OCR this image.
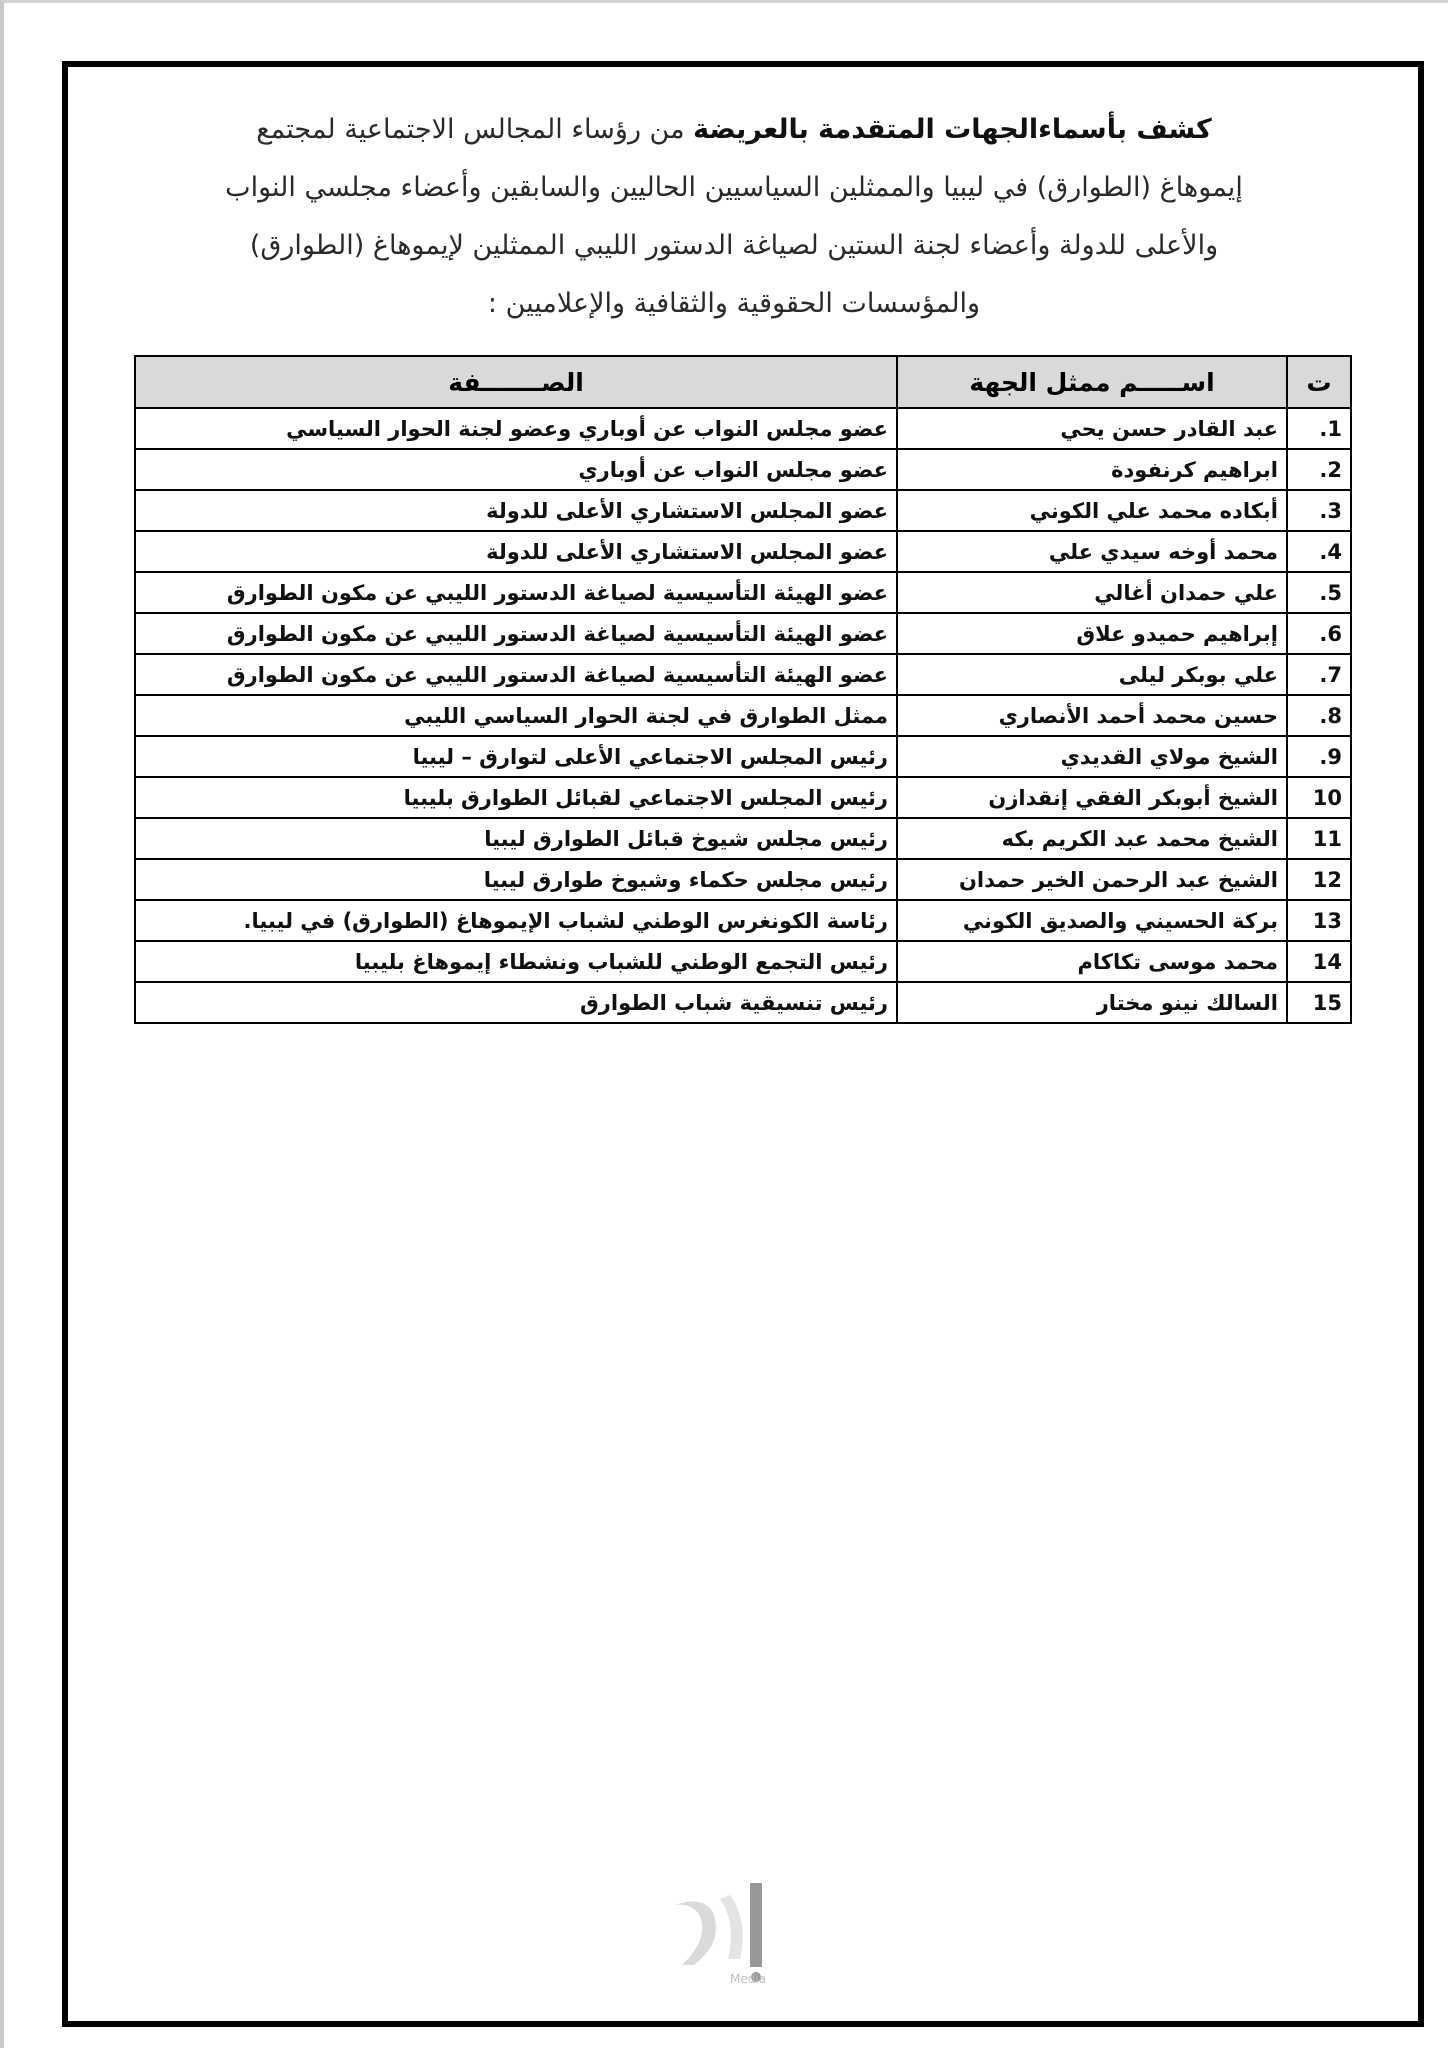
كشف بأسماءالجهات المتقدمة بالعريضة من رؤساء المجالس الاجتماعية لمجتمع إيموهاغ (الطوارق) في ليبيا والممثلين السياسيين الحاليين والسابقين وأعضاء مجلسي النواب والأعلى للدولة وأعضاء لجنة الستين لصياغة الدستور الليبي الممثلين لإيموهاغ (الطوارق) والمؤسسات الحقوقية والثقافية والإعلاميين :
ت	اســـــم ممثل الجهة	الصـــــــفة
1.	عبد القادر حسن يحي	عضو مجلس النواب عن أوباري وعضو لجنة الحوار السياسي
2.	ابراهيم كرنفودة	عضو مجلس النواب عن أوباري
3.	أبكاده محمد علي الكوني	عضو المجلس الاستشاري الأعلى للدولة
4.	محمد أوخه سيدي علي	عضو المجلس الاستشاري الأعلى للدولة
5.	علي حمدان أغالي	عضو الهيئة التأسيسية لصياغة الدستور الليبي عن مكون الطوارق
6.	إبراهيم حميدو علاق	عضو الهيئة التأسيسية لصياغة الدستور الليبي عن مكون الطوارق
7.	علي بوبكر ليلى	عضو الهيئة التأسيسية لصياغة الدستور الليبي عن مكون الطوارق
8.	حسين محمد أحمد الأنصاري	ممثل الطوارق في لجنة الحوار السياسي الليبي
9.	الشيخ مولاي القديدي	رئيس المجلس الاجتماعي الأعلى لتوارق – ليبيا
10	الشيخ أبوبكر الفقي إنقدازن	رئيس المجلس الاجتماعي لقبائل الطوارق بليبيا
11	الشيخ محمد عبد الكريم بكه	رئيس مجلس شيوخ قبائل الطوارق ليبيا
12	الشيخ عبد الرحمن الخير حمدان	رئيس مجلس حكماء وشيوخ طوارق ليبيا
13	بركة الحسيني والصديق الكوني	رئاسة الكونغرس الوطني لشباب الإيموهاغ (الطوارق) في ليبيا.
14	محمد موسى تكاكام	رئيس التجمع الوطني للشباب ونشطاء إيموهاغ بليبيا
15	السالك نينو مختار	رئيس تنسيقية شباب الطوارق
Media
